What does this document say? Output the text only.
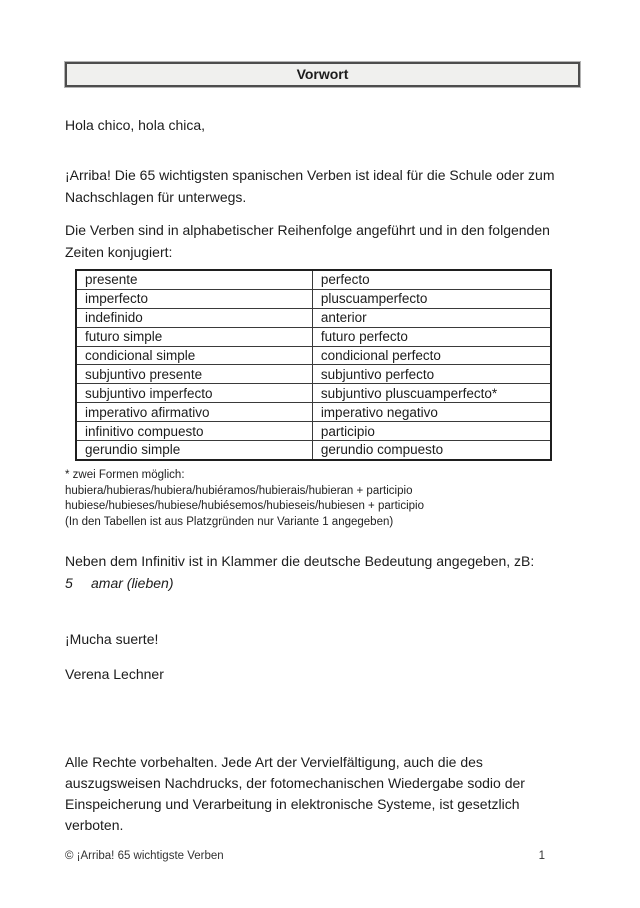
Vorwort
Hola chico, hola chica,
¡Arriba! Die 65 wichtigsten spanischen Verben ist ideal für die Schule oder zum Nachschlagen für unterwegs.
Die Verben sind in alphabetischer Reihenfolge angeführt und in den folgenden Zeiten konjugiert:
presente	perfecto
imperfecto	pluscuamperfecto
indefinido	anterior
futuro simple	futuro perfecto
condicional simple	condicional perfecto
subjuntivo presente	subjuntivo perfecto
subjuntivo imperfecto	subjuntivo pluscuamperfecto*
imperativo afirmativo	imperativo negativo
infinitivo compuesto	participio
gerundio simple	gerundio compuesto
* zwei Formen möglich:
hubiera/hubieras/hubiera/hubiéramos/hubierais/hubieran + participio
hubiese/hubieses/hubiese/hubiésemos/hubieseis/hubiesen + participio
(In den Tabellen ist aus Platzgründen nur Variante 1 angegeben)
Neben dem Infinitiv ist in Klammer die deutsche Bedeutung angegeben, zB:
5 amar (lieben)
¡Mucha suerte!
Verena Lechner
Alle Rechte vorbehalten. Jede Art der Vervielfältigung, auch die des auszugsweisen Nachdrucks, der fotomechanischen Wiedergabe sodio der Einspeicherung und Verarbeitung in elektronische Systeme, ist gesetzlich verboten.
© ¡Arriba! 65 wichtigste Verben	1
